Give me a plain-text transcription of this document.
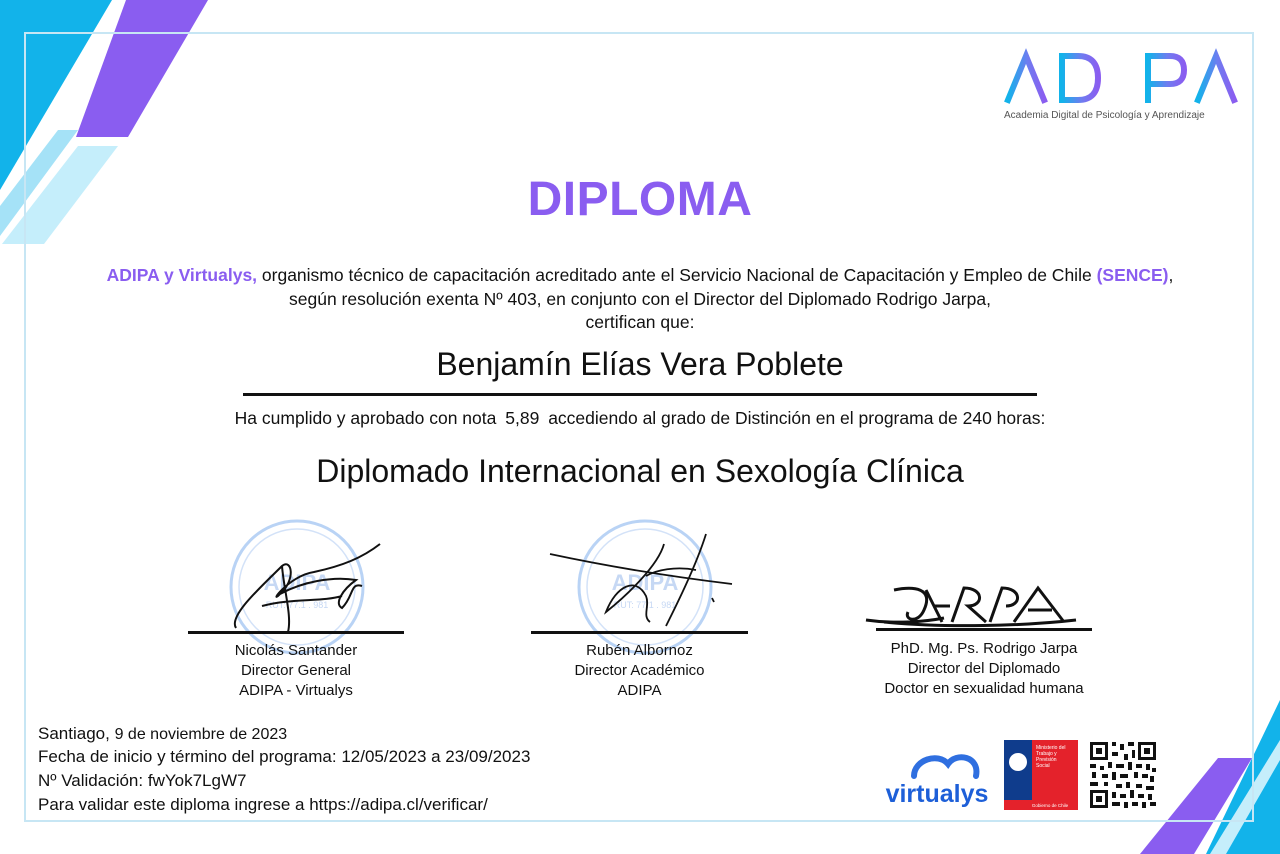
Academia Digital de Psicología y Aprendizaje
DIPLOMA
ADIPA y Virtualys, organismo técnico de capacitación acreditado ante el Servicio Nacional de Capacitación y Empleo de Chile (SENCE), según resolución exenta Nº 403, en conjunto con el Director del Diplomado Rodrigo Jarpa,
certifican que:
Benjamín Elías Vera Poblete
Ha cumplido y aprobado con nota 5,89 accediendo al grado de Distinción en el programa de 240 horas:
Diplomado Internacional en Sexología Clínica
ADIPA
RUT: 77.1 . 981
Nicolás Santander
Director General
ADIPA - Virtualys
ADIPA
RUT: 77.1 . 981
Rubén Albornoz
Director Académico
ADIPA
PhD. Mg. Ps. Rodrigo Jarpa
Director del Diplomado
Doctor en sexualidad humana
Santiago, 9 de noviembre de 2023
Fecha de inicio y término del programa: 12/05/2023 a 23/09/2023
Nº Validación: fwYok7LgW7
Para validar este diploma ingrese a https://adipa.cl/verificar/	virtualys
Ministerio del
Trabajo y
Previsión
Social
Gobierno de Chile
